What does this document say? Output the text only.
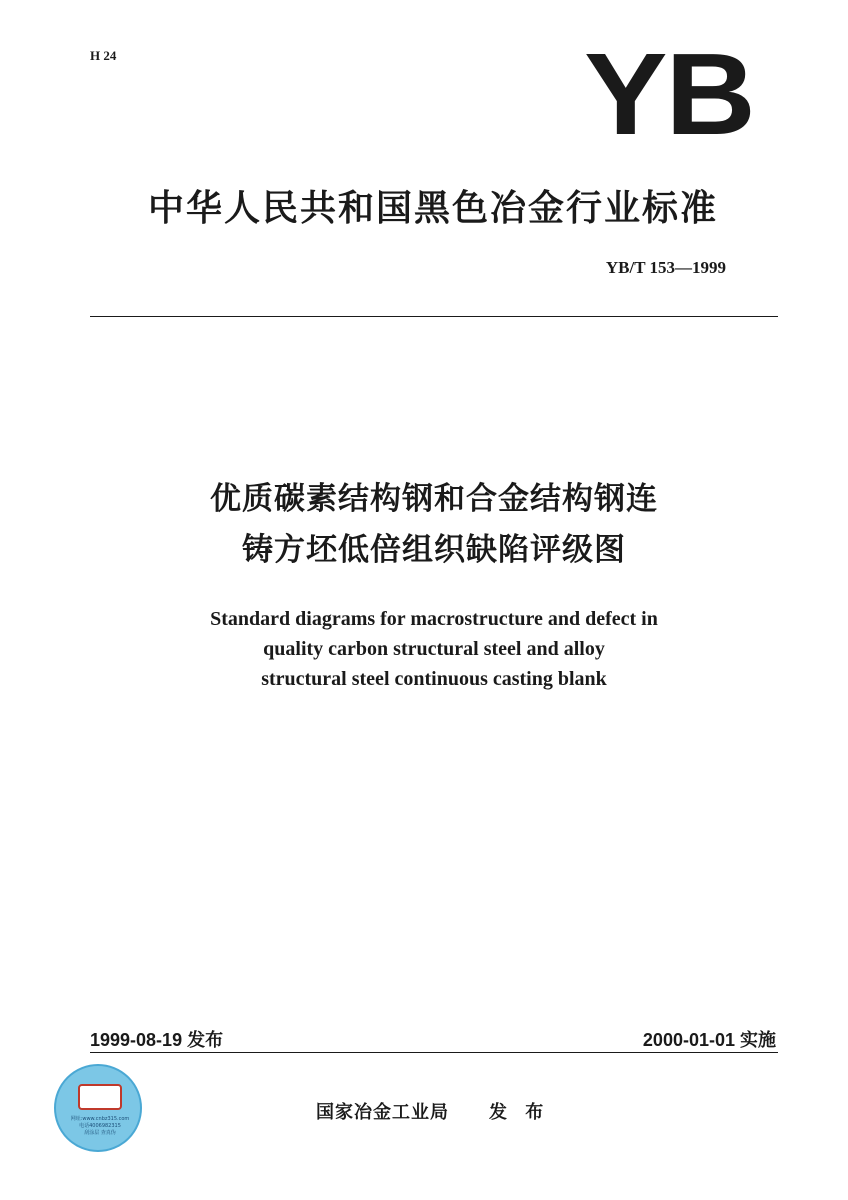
H 24	YB
中华人民共和国黑色冶金行业标准
YB/T 153—1999
优质碳素结构钢和合金结构钢连
铸方坯低倍组织缺陷评级图
Standard diagrams for macrostructure and defect in
quality carbon structural steel and alloy
structural steel continuous casting blank
1999-08-19 发布	2000-01-01 实施
网址:www.cnbz315.com
电话4006982315
刮涂层 查真伪
国家冶金工业局 发 布
